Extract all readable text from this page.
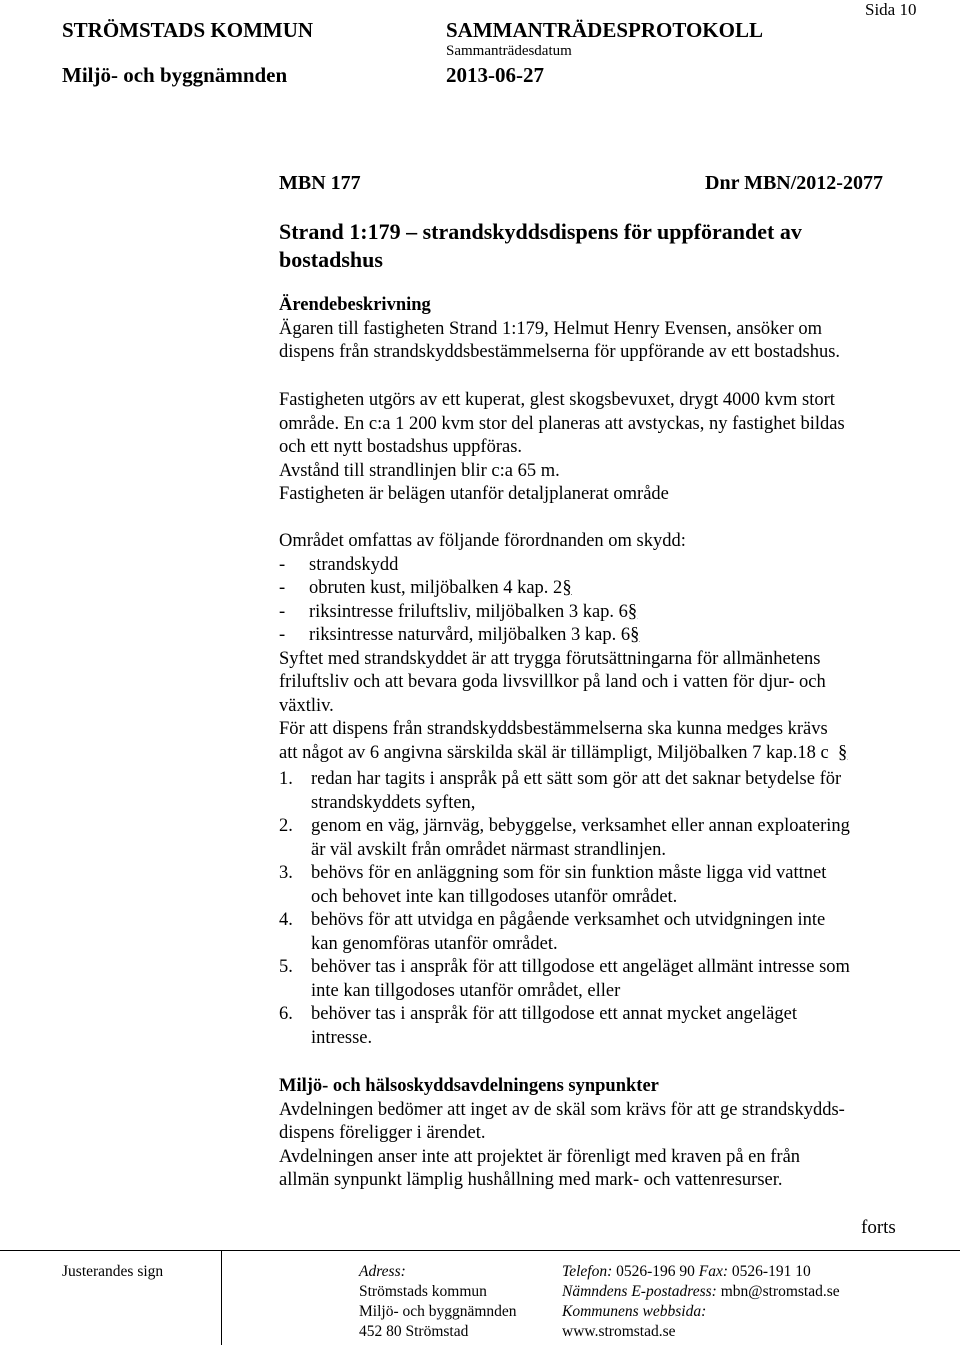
STRÖMSTADS KOMMUN	SAMMANTRÄDESPROTOKOLL
Sammanträdesdatum
Miljö- och byggnämnden	2013-06-27
Sida 10
MBN 177	Dnr MBN/2012-2077
Strand 1:179 – strandskyddsdispens för uppförandet av
bostadshus
Ärendebeskrivning
Ägaren till fastigheten Strand 1:179, Helmut Henry Evensen, ansöker om
dispens från strandskyddsbestämmelserna för uppförande av ett bostadshus.
Fastigheten utgörs av ett kuperat, glest skogsbevuxet, drygt 4000 kvm stort
område. En c:a 1 200 kvm stor del planeras att avstyckas, ny fastighet bildas
och ett nytt bostadshus uppföras.
Avstånd till strandlinjen blir c:a 65 m.
Fastigheten är belägen utanför detaljplanerat område
Området omfattas av följande förordnanden om skydd:
- strandskydd
- obruten kust, miljöbalken 4 kap. 2§
- riksintresse friluftsliv, miljöbalken 3 kap. 6§
- riksintresse naturvård, miljöbalken 3 kap. 6§
Syftet med strandskyddet är att trygga förutsättningarna för allmänhetens
friluftsliv och att bevara goda livsvillkor på land och i vatten för djur- och
växtliv.
För att dispens från strandskyddsbestämmelserna ska kunna medges krävs
att något av 6 angivna särskilda skäl är tillämpligt, Miljöbalken 7 kap.18 c §
1. redan har tagits i anspråk på ett sätt som gör att det saknar betydelse för
strandskyddets syften,
2. genom en väg, järnväg, bebyggelse, verksamhet eller annan exploatering
är väl avskilt från området närmast strandlinjen.
3. behövs för en anläggning som för sin funktion måste ligga vid vattnet
och behovet inte kan tillgodoses utanför området.
4. behövs för att utvidga en pågående verksamhet och utvidgningen inte
kan genomföras utanför området.
5. behöver tas i anspråk för att tillgodose ett angeläget allmänt intresse som
inte kan tillgodoses utanför området, eller
6. behöver tas i anspråk för att tillgodose ett annat mycket angeläget
intresse.
Miljö- och hälsoskyddsavdelningens synpunkter
Avdelningen bedömer att inget av de skäl som krävs för att ge strandskydds-
dispens föreligger i ärendet.
Avdelningen anser inte att projektet är förenligt med kraven på en från
allmän synpunkt lämplig hushållning med mark- och vattenresurser.
forts
Justerandes sign	Adress:
Strömstads kommun
Miljö- och byggnämnden
452 80 Strömstad
Telefon: 0526-196 90 Fax: 0526-191 10
Nämndens E-postadress: mbn@stromstad.se
Kommunens webbsida:
www.stromstad.se
